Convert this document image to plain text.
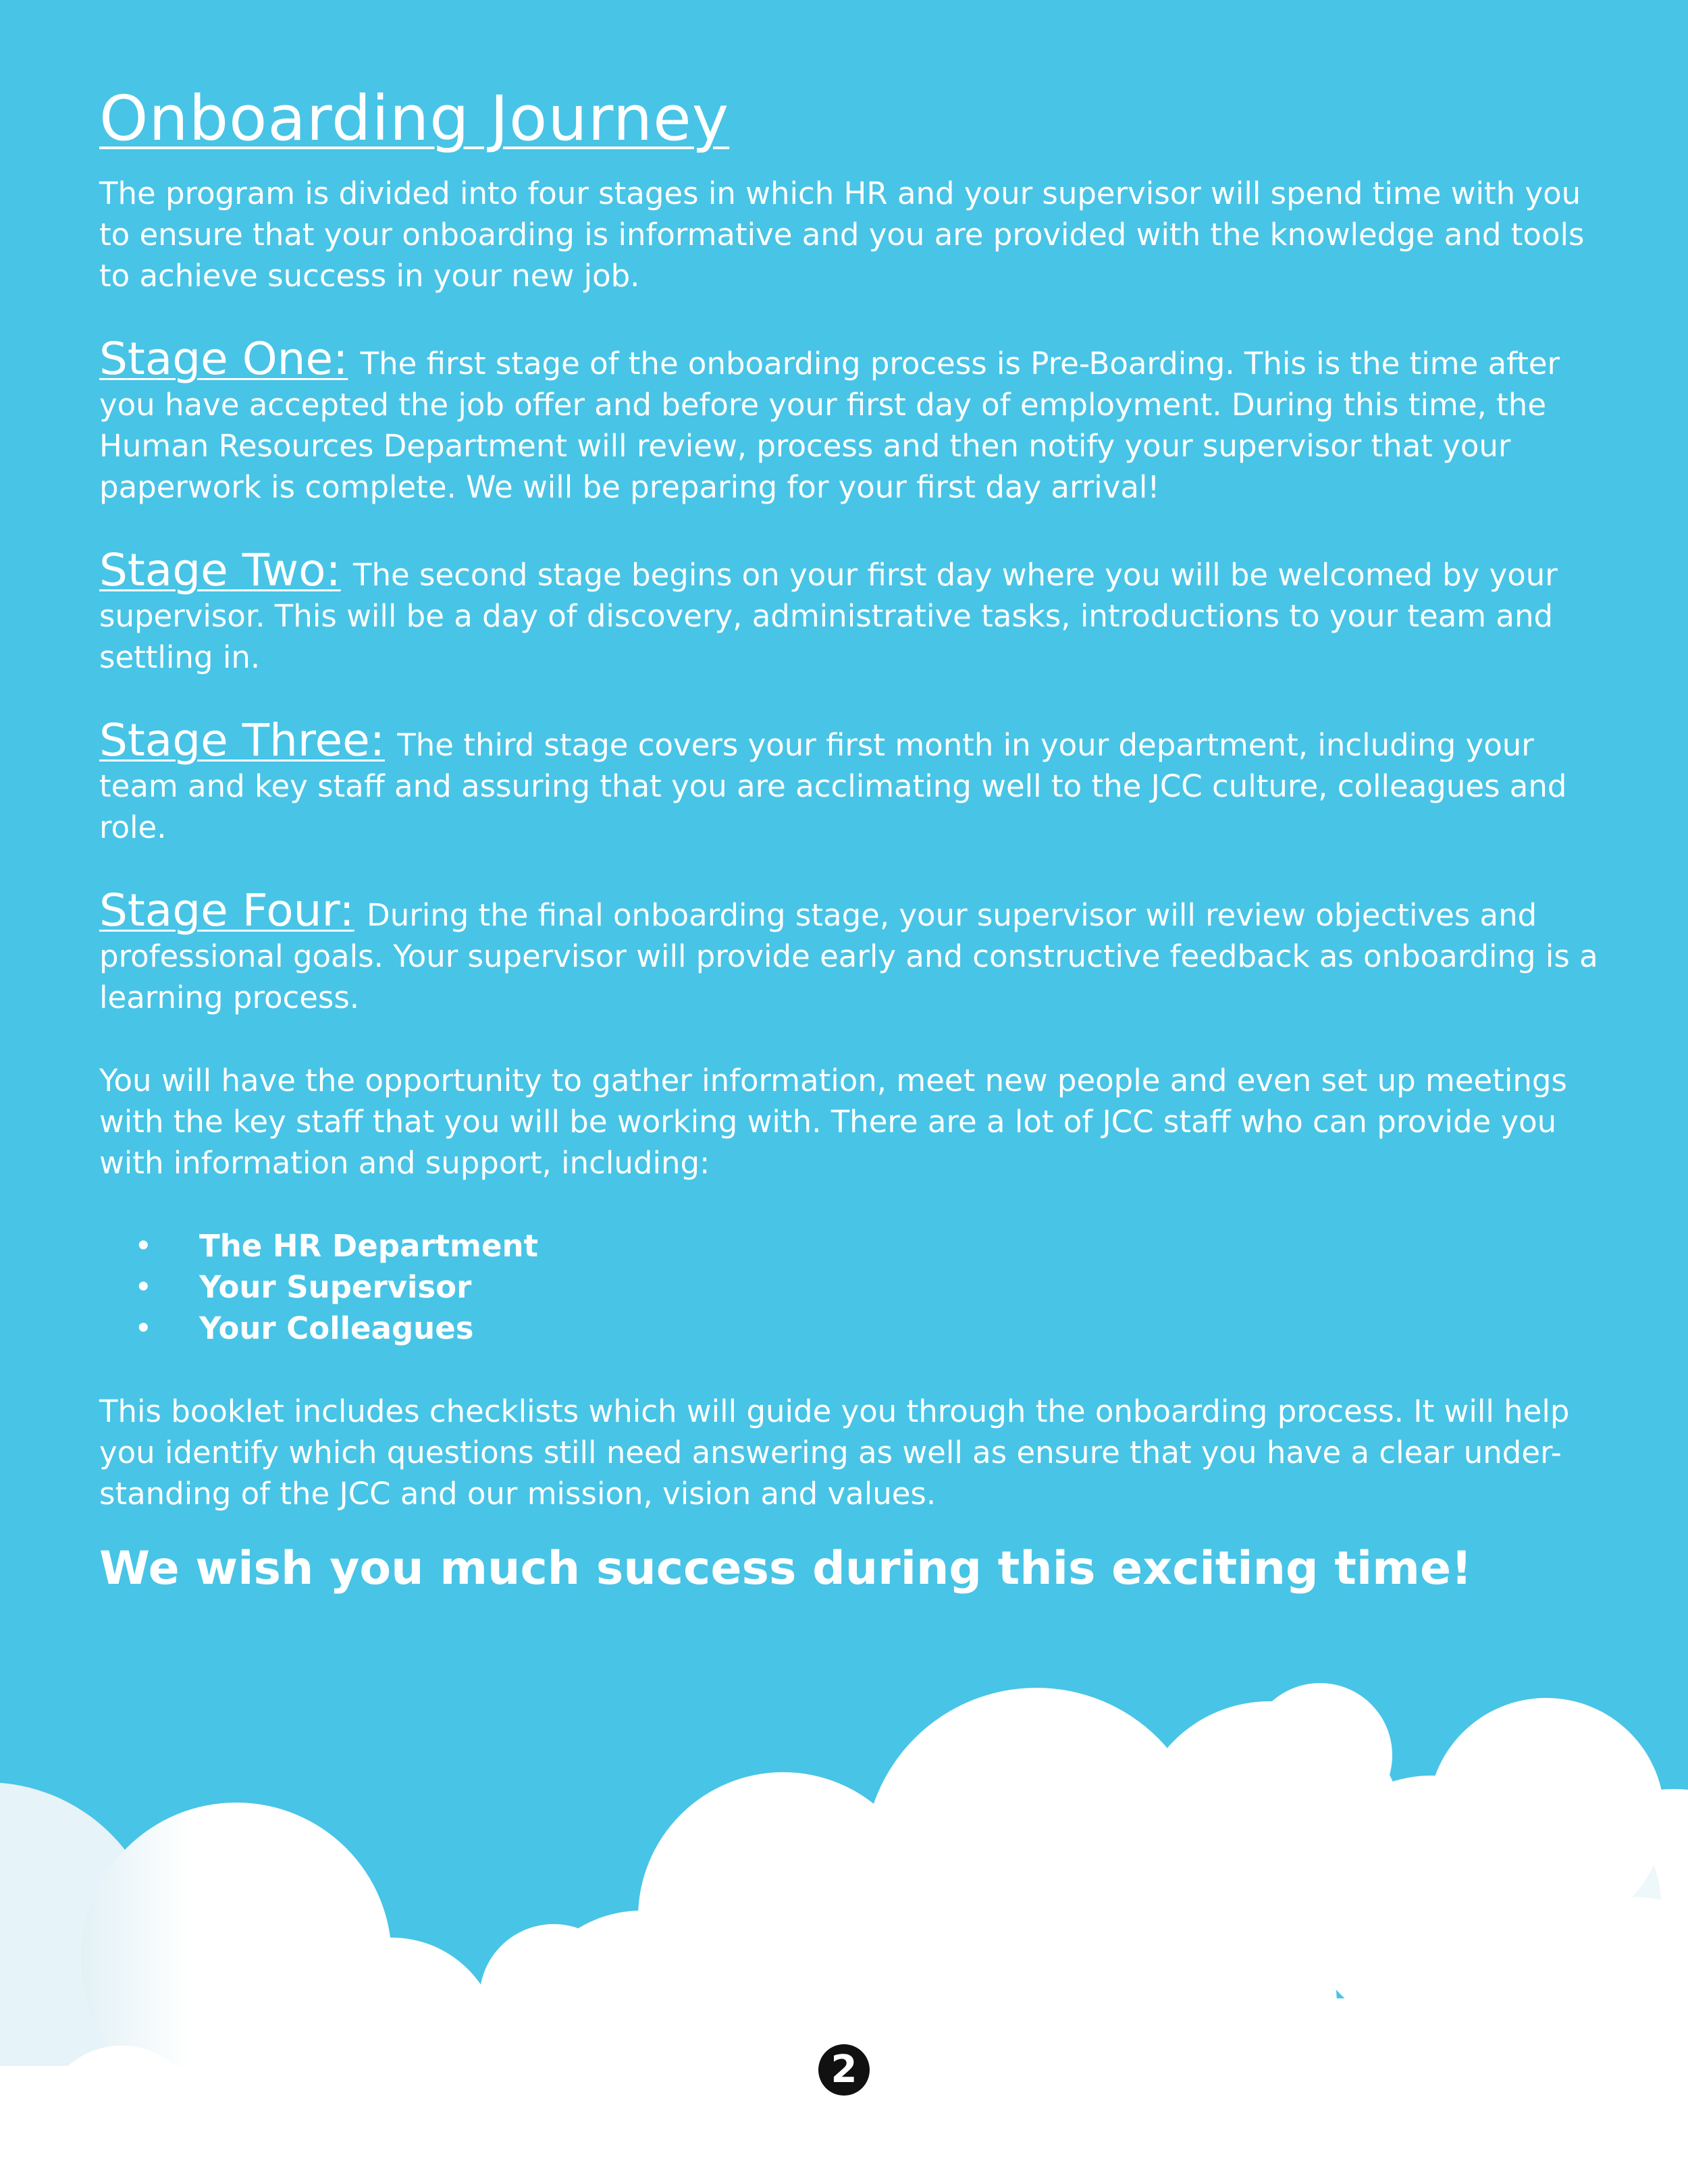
Onboarding Journey

The program is divided into four stages in which HR and your supervisor will spend time with you to ensure that your onboarding is informative and you are provided with the knowledge and tools to achieve success in your new job.

Stage One: The first stage of the onboarding process is Pre-Boarding. This is the time after you have accepted the job offer and before your first day of employment. During this time, the Human Resources Department will review, process and then notify your supervisor that your paperwork is complete. We will be preparing for your first day arrival!

Stage Two: The second stage begins on your first day where you will be welcomed by your supervisor. This will be a day of discovery, administrative tasks, introductions to your team and settling in.

Stage Three: The third stage covers your first month in your department, including your team and key staff and assuring that you are acclimating well to the JCC culture, colleagues and role.

Stage Four: During the final onboarding stage, your supervisor will review objectives and professional goals. Your supervisor will provide early and constructive feedback as onboarding is a learning process.

You will have the opportunity to gather information, meet new people and even set up meetings with the key staff that you will be working with. There are a lot of JCC staff who can provide you with information and support, including:

• The HR Department
• Your Supervisor
• Your Colleagues

This booklet includes checklists which will guide you through the onboarding process. It will help you identify which questions still need answering as well as ensure that you have a clear under-standing of the JCC and our mission, vision and values.

We wish you much success during this exciting time!

2
